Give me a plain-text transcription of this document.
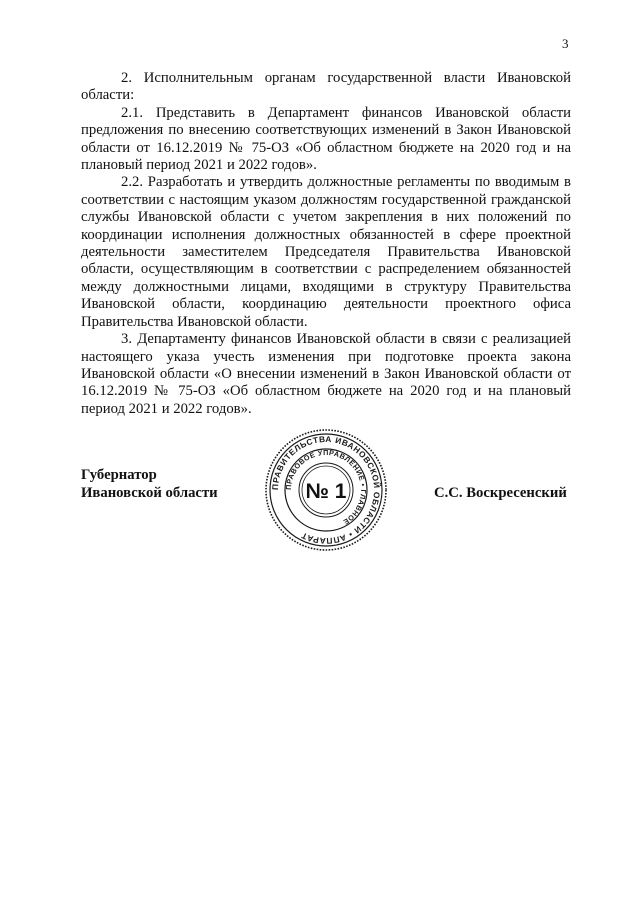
3

2. Исполнительным органам государственной власти Ивановской области:

2.1. Представить в Департамент финансов Ивановской области предложения по внесению соответствующих изменений в Закон Ивановской области от 16.12.2019 № 75-ОЗ «Об областном бюджете на 2020 год и на плановый период 2021 и 2022 годов».

2.2. Разработать и утвердить должностные регламенты по вводимым в соответствии с настоящим указом должностям государственной гражданской службы Ивановской области с учетом закрепления в них положений по координации исполнения должностных обязанностей в сфере проектной деятельности заместителем Председателя Правительства Ивановской области, осуществляющим в соответствии с распределением обязанностей между должностными лицами, входящими в структуру Правительства Ивановской области, координацию деятельности проектного офиса Правительства Ивановской области.

3. Департаменту финансов Ивановской области в связи с реализацией настоящего указа учесть изменения при подготовке проекта закона Ивановской области «О внесении изменений в Закон Ивановской области от 16.12.2019 № 75-ОЗ «Об областном бюджете на 2020 год и на плановый период 2021 и 2022 годов».

Губернатор
Ивановской области	С.С. Воскресенский
ПРАВИТЕЛЬСТВА ИВАНОВСКОЙ ОБЛАСТИ • АППАРАТ
ПРАВОВОЕ УПРАВЛЕНИЕ • ГЛАВНОЕ
№ 1
